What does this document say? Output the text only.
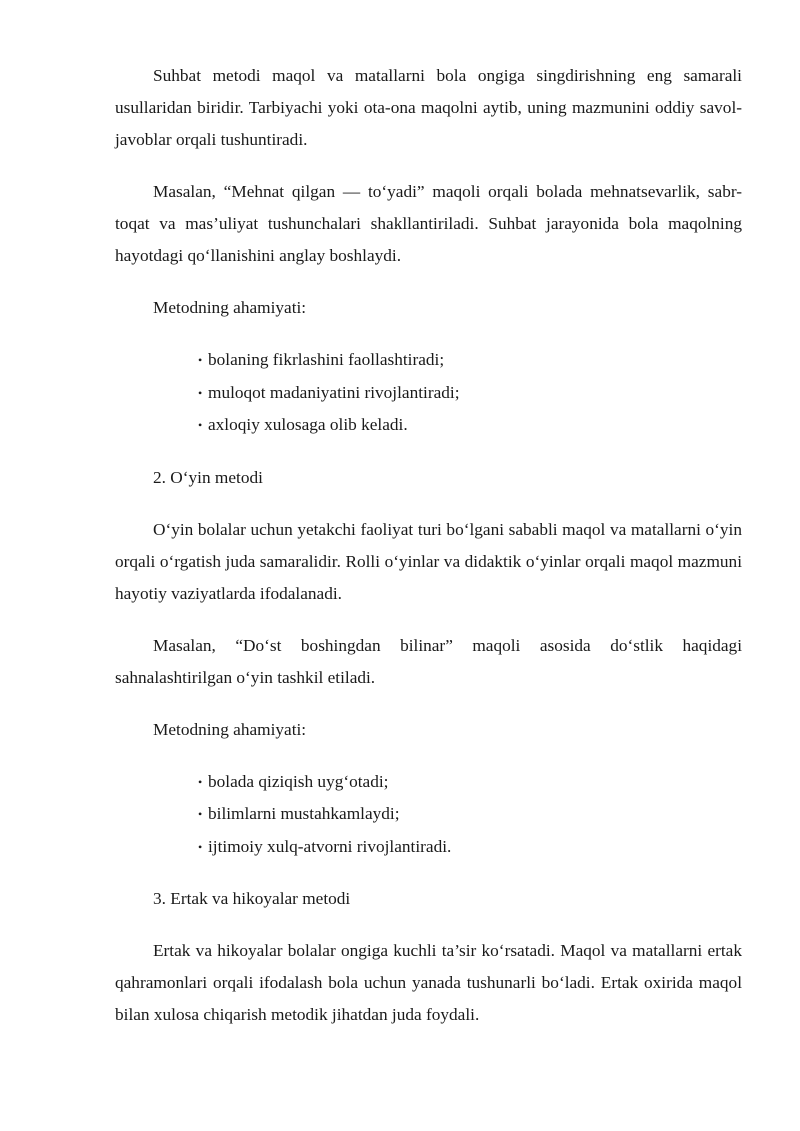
Suhbat metodi maqol va matallarni bola ongiga singdirishning eng samarali usullaridan biridir. Tarbiyachi yoki ota-ona maqolni aytib, uning mazmunini oddiy savol-javoblar orqali tushuntiradi.

Masalan, “Mehnat qilgan — to‘yadi” maqoli orqali bolada mehnatsevarlik, sabr-toqat va mas’uliyat tushunchalari shakllantiriladi. Suhbat jarayonida bola maqolning hayotdagi qo‘llanishini anglay boshlaydi.

Metodning ahamiyati:

• bolaning fikrlashini faollashtiradi;
• muloqot madaniyatini rivojlantiradi;
• axloqiy xulosaga olib keladi.

2. O‘yin metodi

O‘yin bolalar uchun yetakchi faoliyat turi bo‘lgani sababli maqol va matallarni o‘yin orqali o‘rgatish juda samaralidir. Rolli o‘yinlar va didaktik o‘yinlar orqali maqol mazmuni hayotiy vaziyatlarda ifodalanadi.

Masalan, “Do‘st boshingdan bilinar” maqoli asosida do‘stlik haqidagi sahnalashtirilgan o‘yin tashkil etiladi.

Metodning ahamiyati:

• bolada qiziqish uyg‘otadi;
• bilimlarni mustahkamlaydi;
• ijtimoiy xulq-atvorni rivojlantiradi.

3. Ertak va hikoyalar metodi

Ertak va hikoyalar bolalar ongiga kuchli ta’sir ko‘rsatadi. Maqol va matallarni ertak qahramonlari orqali ifodalash bola uchun yanada tushunarli bo‘ladi. Ertak oxirida maqol bilan xulosa chiqarish metodik jihatdan juda foydali.
